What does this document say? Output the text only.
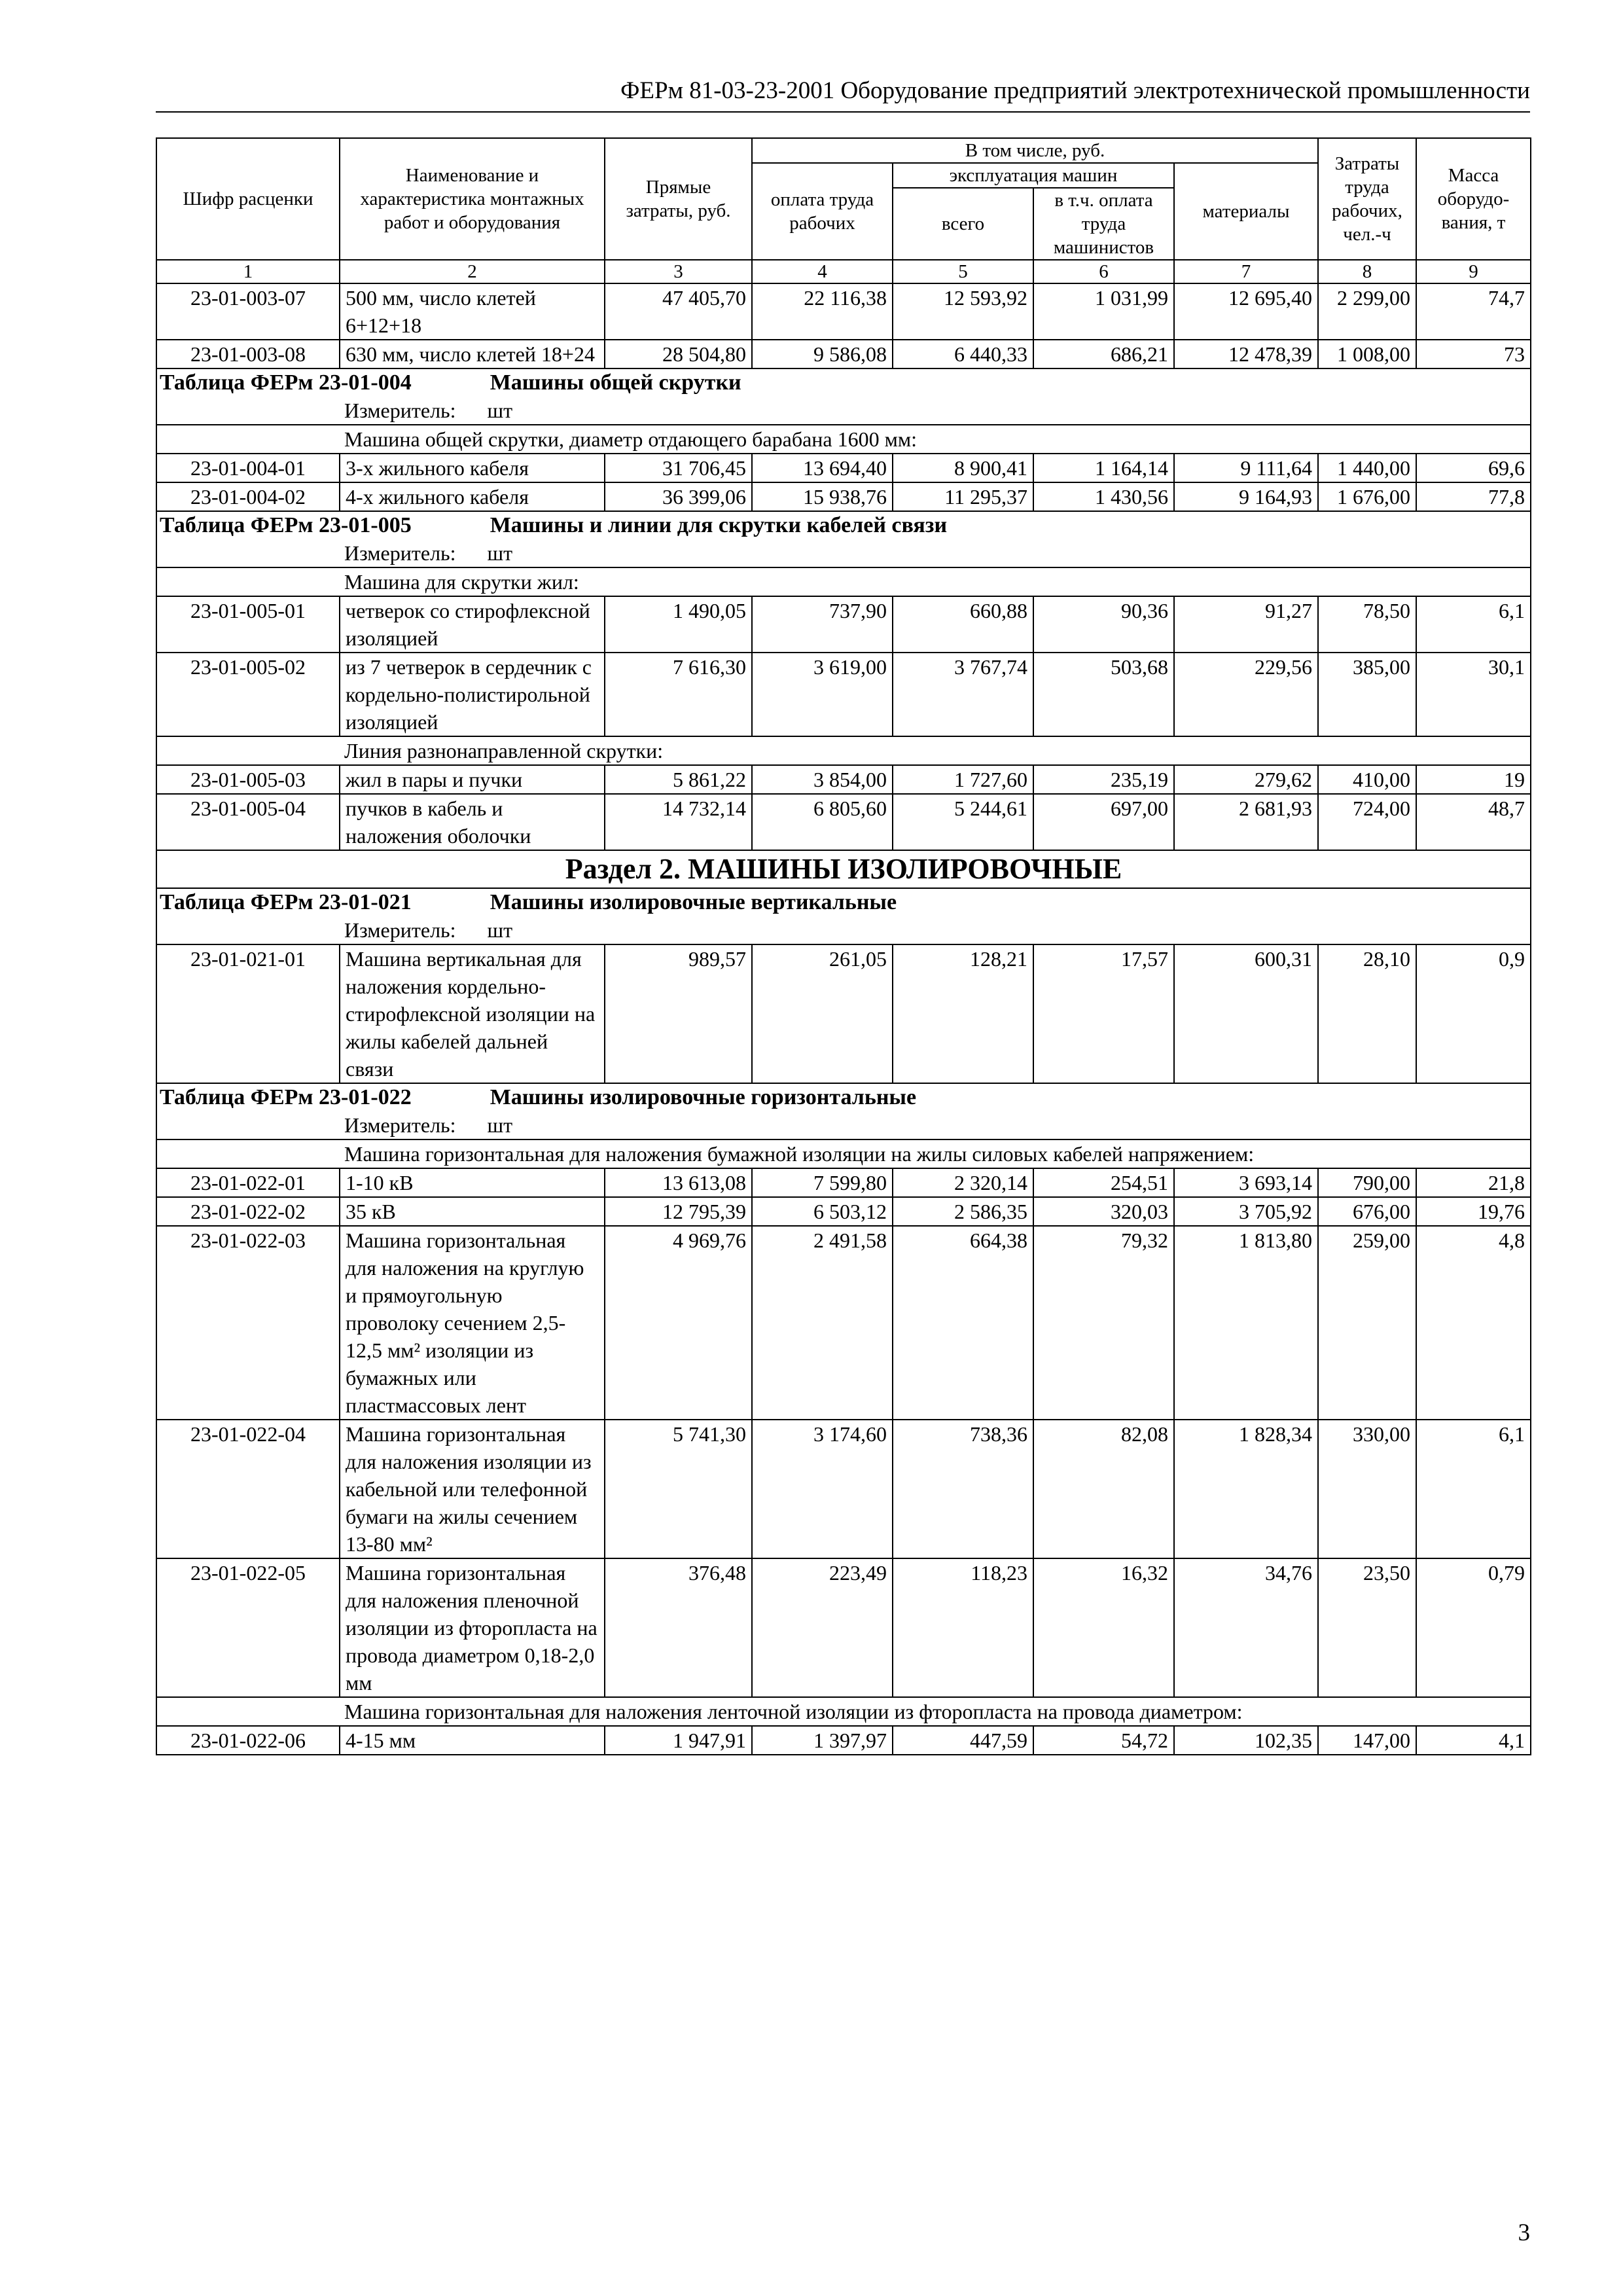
ФЕРм 81-03-23-2001 Оборудование предприятий электротехнической промышленности
Шифр расценки	Наименование и характеристика монтажных работ и оборудования	Прямые затраты, руб.	В том числе, руб.				Затраты труда рабочих, чел.-ч	Масса оборудо-вания, т
			оплата труда рабочих	эксплуатация машин		материалы		
				всего	в т.ч. оплата труда машинистов			
1	2	3	4	5	6	7	8	9
23-01-003-07	500 мм, число клетей 6+12+18	47 405,70	22 116,38	12 593,92	1 031,99	12 695,40	2 299,00	74,7
23-01-003-08	630 мм, число клетей 18+24	28 504,80	9 586,08	6 440,33	686,21	12 478,39	1 008,00	73
Таблица ФЕРм 23-01-004 Машины общей скрутки								
Измеритель:      шт								
Машина общей скрутки, диаметр отдающего барабана 1600 мм:								
23-01-004-01	3-х жильного кабеля	31 706,45	13 694,40	8 900,41	1 164,14	9 111,64	1 440,00	69,6
23-01-004-02	4-х жильного кабеля	36 399,06	15 938,76	11 295,37	1 430,56	9 164,93	1 676,00	77,8
Таблица ФЕРм 23-01-005 Машины и линии для скрутки кабелей связи								
Измеритель:      шт								
Машина для скрутки жил:								
23-01-005-01	четверок со стирофлексной изоляцией	1 490,05	737,90	660,88	90,36	91,27	78,50	6,1
23-01-005-02	из 7 четверок в сердечник с кордельно-полистирольной изоляцией	7 616,30	3 619,00	3 767,74	503,68	229,56	385,00	30,1
Линия разнонаправленной скрутки:								
23-01-005-03	жил в пары и пучки	5 861,22	3 854,00	1 727,60	235,19	279,62	410,00	19
23-01-005-04	пучков в кабель и наложения оболочки	14 732,14	6 805,60	5 244,61	697,00	2 681,93	724,00	48,7
Раздел 2. МАШИНЫ ИЗОЛИРОВОЧНЫЕ								
Таблица ФЕРм 23-01-021 Машины изолировочные вертикальные								
Измеритель:      шт								
23-01-021-01	Машина вертикальная для наложения кордельно-стирофлексной изоляции на жилы кабелей дальней связи	989,57	261,05	128,21	17,57	600,31	28,10	0,9
Таблица ФЕРм 23-01-022 Машины изолировочные горизонтальные								
Измеритель:      шт								
Машина горизонтальная для наложения бумажной изоляции на жилы силовых кабелей напряжением:								
23-01-022-01	1-10 кВ	13 613,08	7 599,80	2 320,14	254,51	3 693,14	790,00	21,8
23-01-022-02	35 кВ	12 795,39	6 503,12	2 586,35	320,03	3 705,92	676,00	19,76
23-01-022-03	Машина горизонтальная для наложения на круглую и прямоугольную проволоку сечением 2,5-12,5 мм² изоляции из бумажных или пластмассовых лент	4 969,76	2 491,58	664,38	79,32	1 813,80	259,00	4,8
23-01-022-04	Машина горизонтальная для наложения изоляции из кабельной или телефонной бумаги на жилы сечением 13-80 мм²	5 741,30	3 174,60	738,36	82,08	1 828,34	330,00	6,1
23-01-022-05	Машина горизонтальная для наложения пленочной изоляции из фторопласта на провода диаметром 0,18-2,0 мм	376,48	223,49	118,23	16,32	34,76	23,50	0,79
Машина горизонтальная для наложения ленточной изоляции из фторопласта на провода диаметром:								
23-01-022-06	4-15 мм	1 947,91	1 397,97	447,59	54,72	102,35	147,00	4,1
3
